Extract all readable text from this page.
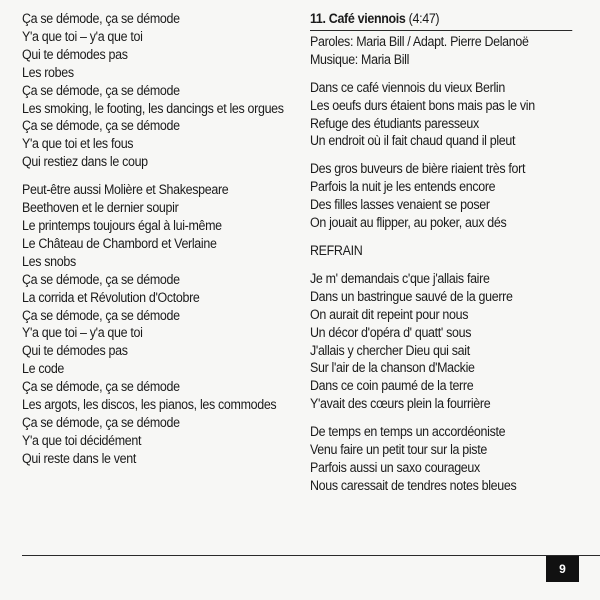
Ça se démode, ça se démode
Y'a que toi – y'a que toi
Qui te démodes pas
Les robes
Ça se démode, ça se démode
Les smoking, le footing, les dancings et les orgues
Ça se démode, ça se démode
Y'a que toi et les fous
Qui restiez dans le coup
Peut-être aussi Molière et Shakespeare
Beethoven et le dernier soupir
Le printemps toujours égal à lui-même
Le Château de Chambord et Verlaine
Les snobs
Ça se démode, ça se démode
La corrida et Révolution d'Octobre
Ça se démode, ça se démode
Y'a que toi – y'a que toi
Qui te démodes pas
Le code
Ça se démode, ça se démode
Les argots, les discos, les pianos, les commodes
Ça se démode, ça se démode
Y'a que toi décidément
Qui reste dans le vent
11. Café viennois (4:47)
Paroles: Maria Bill / Adapt. Pierre Delanoë
Musique: Maria Bill
Dans ce café viennois du vieux Berlin
Les oeufs durs étaient bons mais pas le vin
Refuge des étudiants paresseux
Un endroit où il fait chaud quand il pleut
Des gros buveurs de bière riaient très fort
Parfois la nuit je les entends encore
Des filles lasses venaient se poser
On jouait au flipper, au poker, aux dés
REFRAIN
Je m' demandais c'que j'allais faire
Dans un bastringue sauvé de la guerre
On aurait dit repeint pour nous
Un décor d'opéra d' quatt' sous
J'allais y chercher Dieu qui sait
Sur l'air de la chanson d'Mackie
Dans ce coin paumé de la terre
Y'avait des cœurs plein la fourrière
De temps en temps un accordéoniste
Venu faire un petit tour sur la piste
Parfois aussi un saxo courageux
Nous caressait de tendres notes bleues
9
